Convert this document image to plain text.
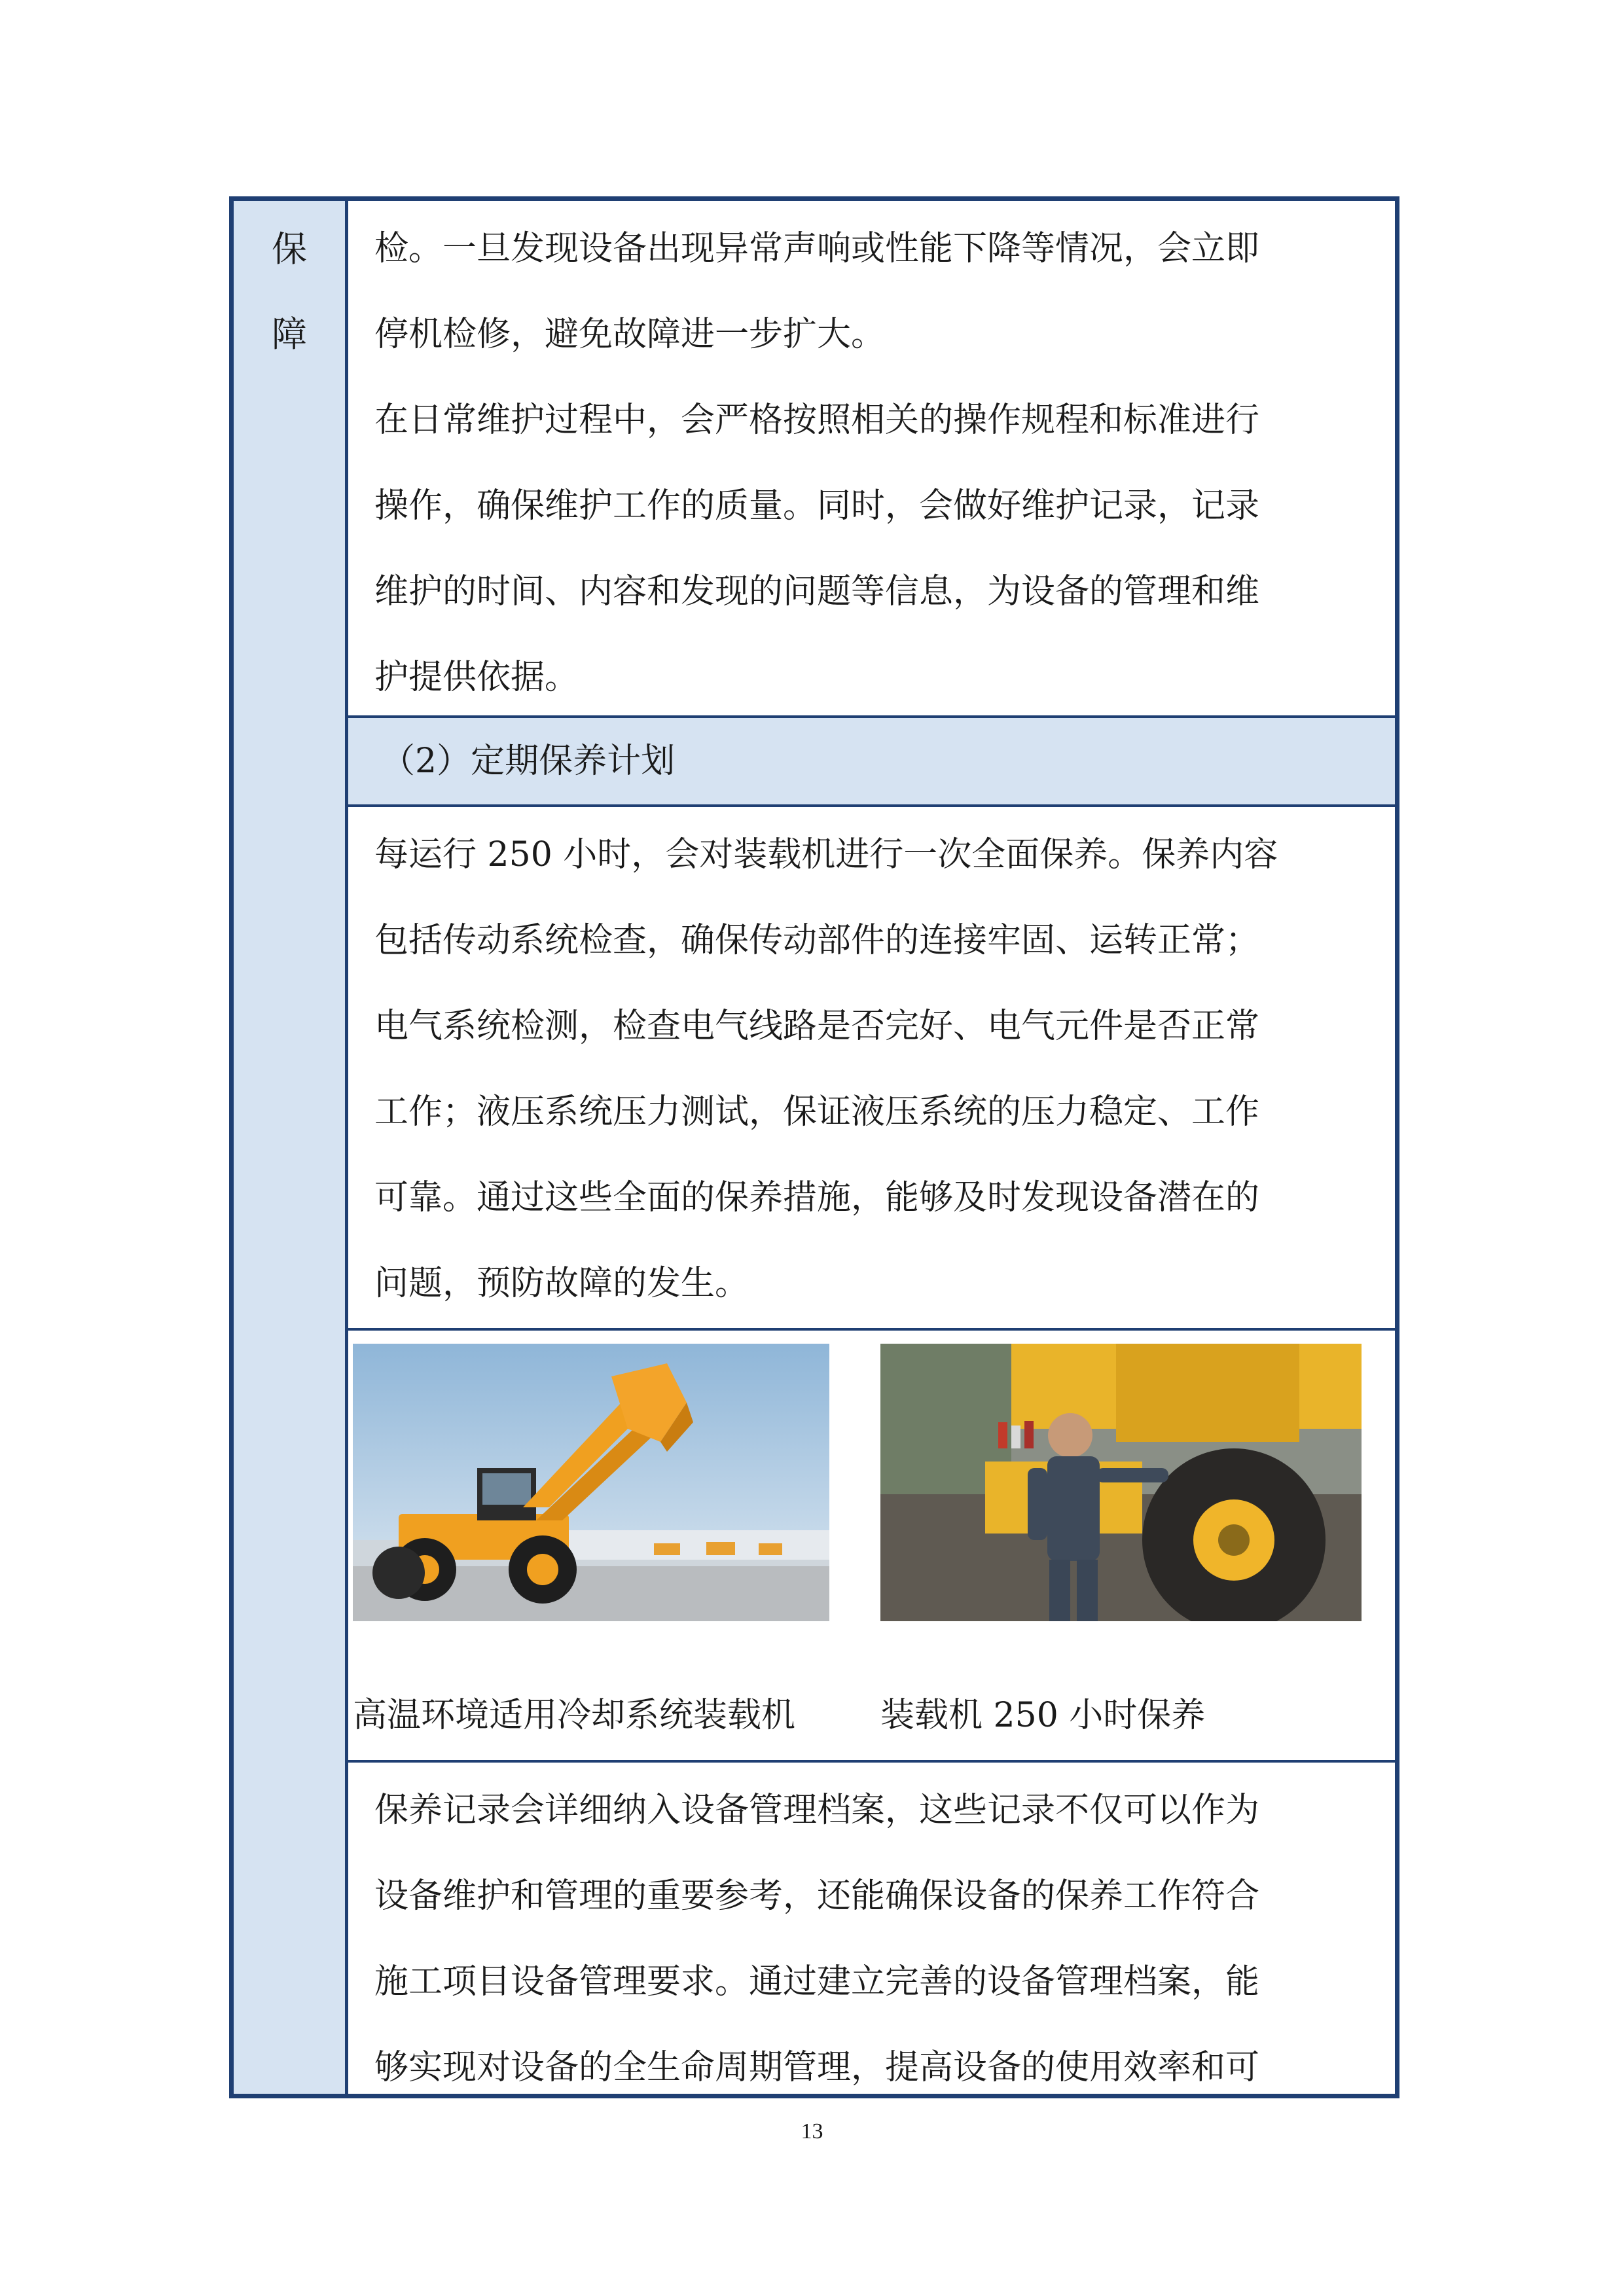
保
障

检。一旦发现设备出现异常声响或性能下降等情况，会立即

停机检修，避免故障进一步扩大。

在日常维护过程中，会严格按照相关的操作规程和标准进行

操作，确保维护工作的质量。同时，会做好维护记录，记录

维护的时间、内容和发现的问题等信息，为设备的管理和维

护提供依据。

（2）定期保养计划

每运行 250 小时，会对装载机进行一次全面保养。保养内容

包括传动系统检查，确保传动部件的连接牢固、运转正常；

电气系统检测，检查电气线路是否完好、电气元件是否正常

工作；液压系统压力测试，保证液压系统的压力稳定、工作

可靠。通过这些全面的保养措施，能够及时发现设备潜在的

问题，预防故障的发生。

高温环境适用冷却系统装载机 装载机 250 小时保养

保养记录会详细纳入设备管理档案，这些记录不仅可以作为

设备维护和管理的重要参考，还能确保设备的保养工作符合

施工项目设备管理要求。通过建立完善的设备管理档案，能

够实现对设备的全生命周期管理，提高设备的使用效率和可

13
